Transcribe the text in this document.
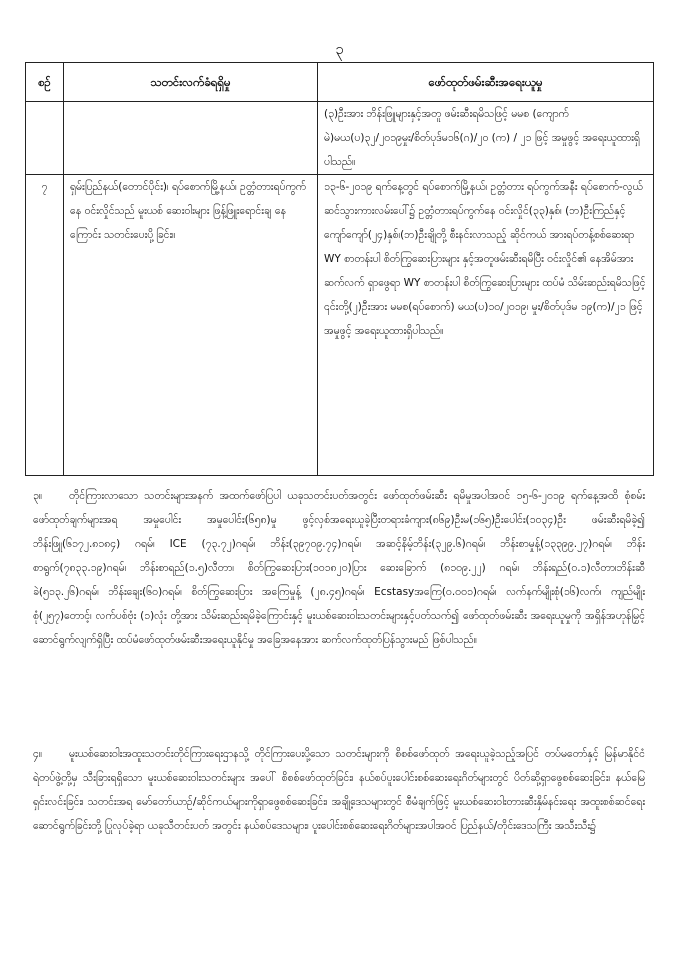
၃
စဉ်	သတင်းလက်ခံရရှိမှု	ဖော်ထုတ်ဖမ်းဆီးအရေးယူမှု
		(၃)ဦးအား ဘိန်းဖြူများနှင့်အတူ ဖမ်းဆီးရမိသဖြင့် မမစ (ကျောက်မဲ)မယ(ပ)၃၂/၂၀၁၉မှုး/စိတ်ပုဒ်မ၁၆(ဂ)/၂၀ (က) / ၂၁ ဖြင့် အမှုဖွင့် အရေးယူထားရှိပါသည်။
၇	ရှမ်းပြည်နယ်(တောင်ပိုင်း)၊ ရပ်စောက်မြို့နယ်၊ ဥတ္တံတားရပ်ကွက်နေ ဝင်းလှိုင်သည် မူးယစ် ဆေးဝါးများ ဖြန့်ဖြူးရောင်းချ နေကြောင်း သတင်းပေးပို့ခြင်း။	၁၃-၆-၂၀၁၉ ရက်နေ့တွင် ရပ်စောက်မြို့နယ်၊ ဥတ္တံတား ရပ်ကွက်အနီး ရပ်စောက်-လွယ်ဆင်သွားကားလမ်းပေါ်၌ ဥတ္တံတားရပ်ကွက်နေ ဝင်းလှိုင်(၃၃)နှစ်၊ (ဘ)ဦးကြည်နှင့် ကျော်ကျော်(၂၄)နှစ်၊(ဘ)ဦးချိုတို့ စီးနင်းလာသည့် ဆိုင်ကယ် အားရပ်တန့်စစ်ဆေးရာ WY စာတန်းပါ စိတ်ကြွဆေးပြားများ နှင့်အတူဖမ်းဆီးရမိပြီး ဝင်းလှိုင်၏ နေအိမ်အား ဆက်လက် ရှာဖွေရာ WY စာတန်းပါ စိတ်ကြွဆေးပြားများ ထပ်မံ သိမ်းဆည်းရမိသဖြင့် ၎င်းတို့(၂)ဦးအား မမစ(ရပ်စောက်) မယ(ပ)၁၀/၂၀၁၉၊ မှုး/စိတ်ပုဒ်မ ၁၉(က)/၂၁ ဖြင့် အမှုဖွင့် အရေးယူထားရှိပါသည်။

၃။	တိုင်ကြားလာသော သတင်းများအနက် အထက်ဖော်ပြပါ ယခုသတင်းပတ်အတွင်း ဖော်ထုတ်ဖမ်းဆီး ရမိမှုအပါအဝင် ၁၅-၆-၂၀၁၉ ရက်နေ့အထိ စုံစမ်းဖော်ထုတ်ချက်များအရ အမှုပေါင်း အမှုပေါင်း(၆၅၈)မှု ဖွင့်လှစ်အရေးယူခဲ့ပြီးတရားခံကျား(၈၆၉)ဦးမ(၁၆၅)ဦးပေါင်း(၁၀၃၄)ဦး ဖမ်းဆီးရမိခဲ့၍ ဘိန်းဖြူ(၆၁၇၂.၈၁၈၄) ဂရမ်၊ ICE (၇၃.၇၂)ဂရမ်၊ ဘိန်း(၃၉၇၀၉.၇၄)ဂရမ်၊ အဆင့်နိမ့်ဘိန်း(၃၂၉.၆)ဂရမ်၊ ဘိန်းစာမှုန့်(၁၃၃၉၉.၂၇)ဂရမ်၊ ဘိန်းစာရွက်(၇၈၃၃.၁၉)ဂရမ်၊ ဘိန်းစာရည်(၁.၅)လီတာ၊ စိတ်ကြွဆေးပြား(၁၀၁၈၂၀)ပြား ဆေးခြောက် (၈၁၀၉.၂၂) ဂရမ်၊ ဘိန်းရည်(၀.၁)လီတာ၊ဘိန်းဆီခဲ(၅၁၃.၂၆)ဂရမ်၊ ဘိန်းချေး(၆၀)ဂရမ်၊ စိတ်ကြွဆေးပြား အကြေမှုန့် (၂၈.၄၅)ဂရမ်၊ Ecstasyအကြေ(၀.၀၀၁)ဂရမ်၊ လက်နက်မျိုးစုံ(၁၆)လက်၊ ကျည်မျိုးစုံ(၂၅၇)တောင့်၊ လက်ပစ်ဗုံး (၁)လုံး တို့အား သိမ်းဆည်းရမိခဲ့ကြောင်းနှင့် မူးယစ်ဆေးဝါးသတင်းများနှင့်ပတ်သက်၍ ဖော်ထုတ်ဖမ်းဆီး အရေးယူမှုကို အရှိန်အဟုန်မြှင့်ဆောင်ရွက်လျက်ရှိပြီး ထပ်မံဖော်ထုတ်ဖမ်းဆီးအရေးယူနိုင်မှု အခြေအနေအား ဆက်လက်ထုတ်ပြန်သွားမည် ဖြစ်ပါသည်။

၄။	မူးယစ်ဆေးဝါးအထူးသတင်းတိုင်ကြားရေးဌာနသို့ တိုင်ကြားပေးပို့သော သတင်းများကို စိစစ်ဖော်ထုတ် အရေးယူခဲ့သည့်အပြင် တပ်မတော်နှင့် မြန်မာနိုင်ငံရဲတပ်ဖွဲ့တို့မှ သီးခြားရရှိသော မူးယစ်ဆေးဝါးသတင်းများ အပေါ် စိစစ်ဖော်ထုတ်ခြင်း၊ နယ်စပ်ပူးပေါင်းစစ်ဆေးရေးဂိတ်များတွင် ပိတ်ဆို့ရှာဖွေစစ်ဆေးခြင်း၊ နယ်မြေ ရှင်းလင်းခြင်း၊ သတင်းအရ မော်တော်ယာဉ်/ဆိုင်ကယ်များကိုရှာဖွေစစ်ဆေးခြင်း၊ အချို့ဒေသများတွင် စီမံချက်ဖြင့် မူးယစ်ဆေးဝါးတားဆီးနှိမ်နင်းရေး အထူးစစ်ဆင်ရေးဆောင်ရွက်ခြင်းတို့ ပြုလုပ်ခဲ့ရာ ယခုသီတင်းပတ် အတွင်း နယ်စပ်ဒေသများ၊ ပူးပေါင်းစစ်ဆေးရေးဂိတ်များအပါအဝင် ပြည်နယ်/တိုင်းဒေသကြီး အသီးသီး၌
